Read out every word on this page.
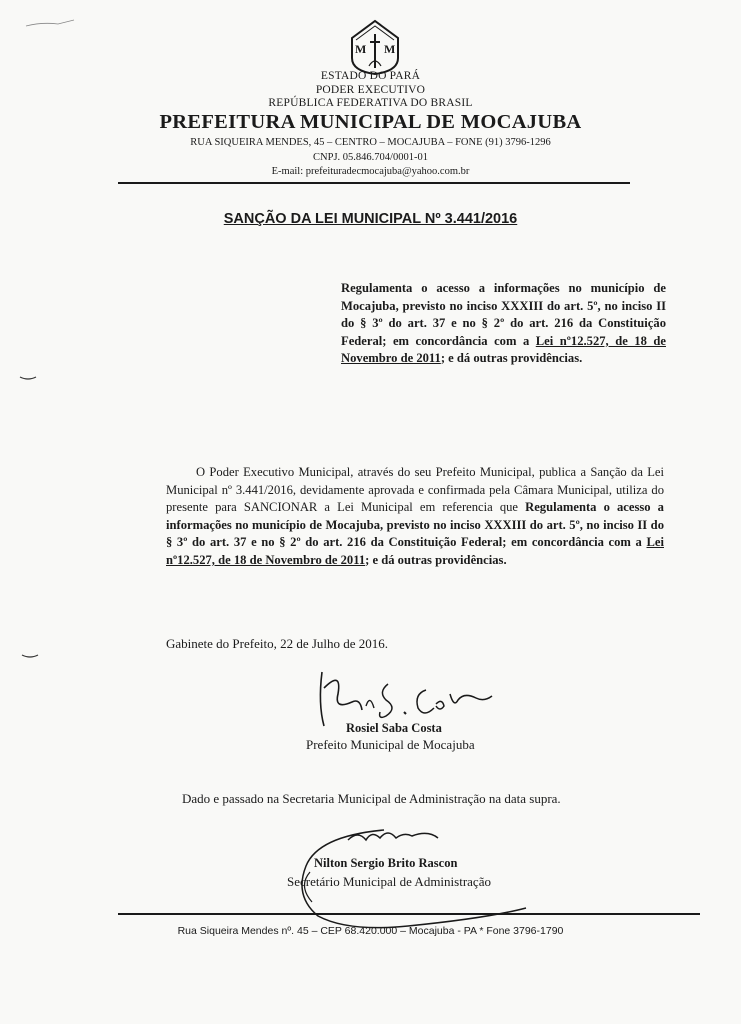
M M
ESTADO DO PARÁ
PODER EXECUTIVO
REPÚBLICA FEDERATIVA DO BRASIL
PREFEITURA MUNICIPAL DE MOCAJUBA
RUA SIQUEIRA MENDES, 45 – CENTRO – MOCAJUBA – FONE (91) 3796-1296
CNPJ. 05.846.704/0001-01
E-mail: prefeituradecmocajuba@yahoo.com.br
SANÇÃO DA LEI MUNICIPAL Nº 3.441/2016
Regulamenta o acesso a informações no município de Mocajuba, previsto no inciso XXXIII do art. 5º, no inciso II do § 3º do art. 37 e no § 2º do art. 216 da Constituição Federal; em concordância com a Lei nº12.527, de 18 de Novembro de 2011; e dá outras providências.
O Poder Executivo Municipal, através do seu Prefeito Municipal, publica a Sanção da Lei Municipal nº 3.441/2016, devidamente aprovada e confirmada pela Câmara Municipal, utiliza do presente para SANCIONAR a Lei Municipal em referencia que Regulamenta o acesso a informações no município de Mocajuba, previsto no inciso XXXIII do art. 5º, no inciso II do § 3º do art. 37 e no § 2º do art. 216 da Constituição Federal; em concordância com a Lei nº12.527, de 18 de Novembro de 2011; e dá outras providências.
Gabinete do Prefeito, 22 de Julho de 2016.
Rosiel Saba Costa
Prefeito Municipal de Mocajuba
Dado e passado na Secretaria Municipal de Administração na data supra.
Nilton Sergio Brito Rascon
Secretário Municipal de Administração
Rua Siqueira Mendes nº. 45 – CEP 68.420.000 – Mocajuba - PA * Fone 3796-1790
